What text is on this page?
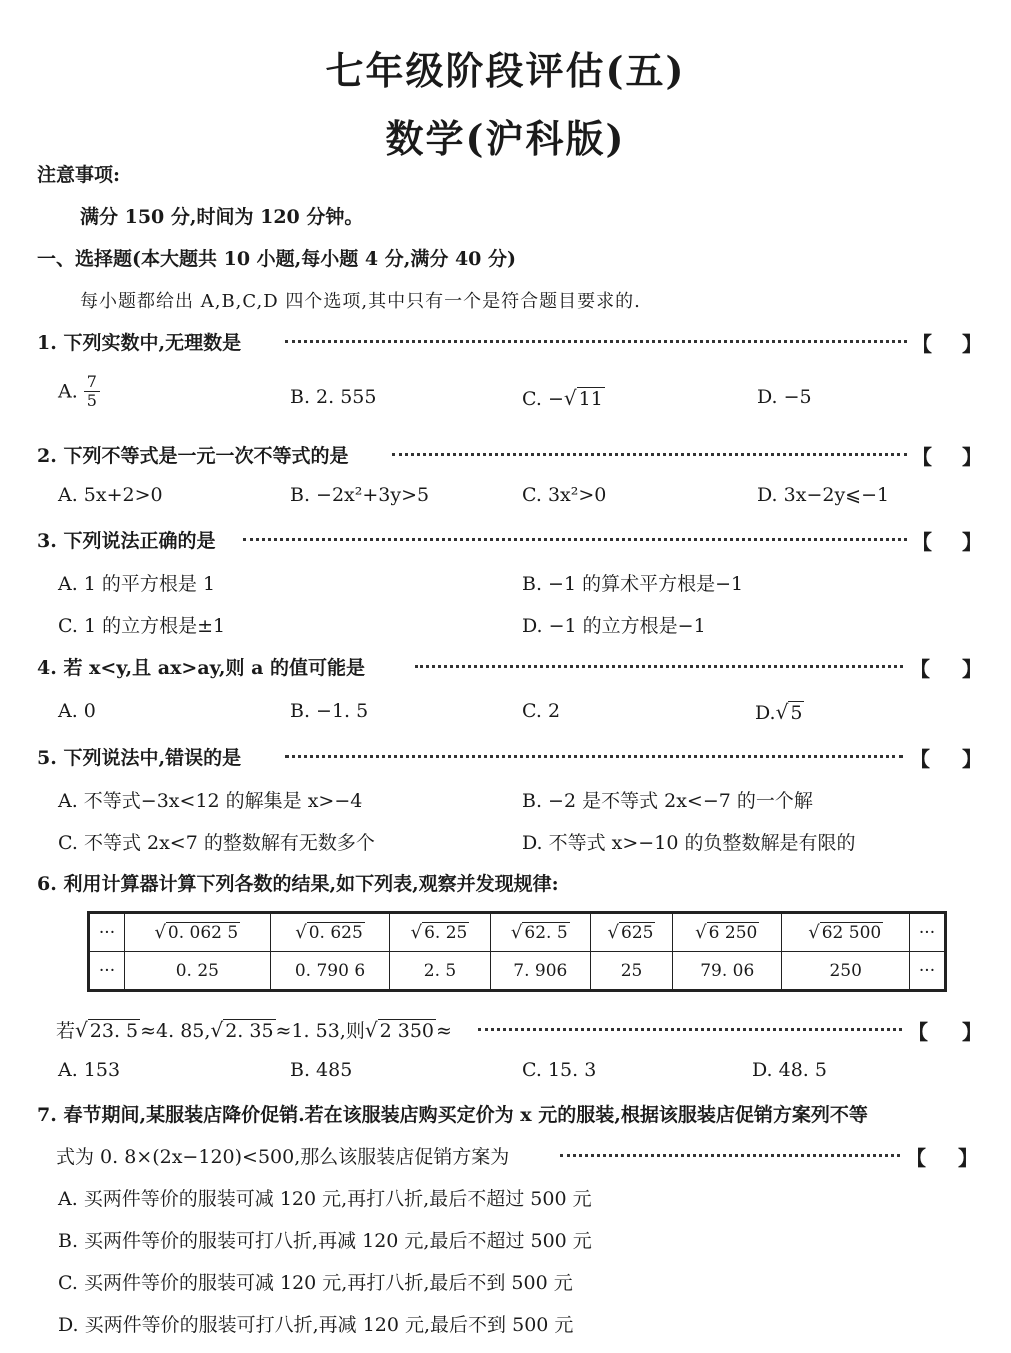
七年级阶段评估(五)
数学(沪科版)
注意事项:
满分 150 分,时间为 120 分钟。
一、选择题(本大题共 10 小题,每小题 4 分,满分 40 分)
每小题都给出 A,B,C,D 四个选项,其中只有一个是符合题目要求的.
1. 下列实数中,无理数是	【 】
A. $\frac{7}{5}$	B. 2. 555	C. −√ 11	D. −5
2. 下列不等式是一元一次不等式的是	【 】
A. 5x+2>0	B. −2x²+3y>5	C. 3x²>0	D. 3x−2y⩽−1
3. 下列说法正确的是	【 】
A. 1 的平方根是 1	B. −1 的算术平方根是−1
C. 1 的立方根是±1	D. −1 的立方根是−1
4. 若 x<y,且 ax>ay,则 a 的值可能是	【 】
A. 0	B. −1. 5	C. 2	D.√ 5
5. 下列说法中,错误的是	【 】
A. 不等式−3x<12 的解集是 x>−4	B. −2 是不等式 2x<−7 的一个解
C. 不等式 2x<7 的整数解有无数多个	D. 不等式 x>−10 的负整数解是有限的
6. 利用计算器计算下列各数的结果,如下列表,观察并发现规律:
···	√ 0. 062 5	√ 0. 625	√ 6. 25	√ 62. 5	√ 625	√ 6 250	√ 62 500	···
···	0. 25	0. 790 6	2. 5	7. 906	25	79. 06	250	···
若√ 23. 5 ≈4. 85,√ 2. 35 ≈1. 53,则√ 2 350 ≈	【 】
A. 153	B. 485	C. 15. 3	D. 48. 5
7. 春节期间,某服装店降价促销.若在该服装店购买定价为 x 元的服装,根据该服装店促销方案列不等
式为 0. 8×(2x−120)<500,那么该服装店促销方案为	【 】
A. 买两件等价的服装可减 120 元,再打八折,最后不超过 500 元
B. 买两件等价的服装可打八折,再减 120 元,最后不超过 500 元
C. 买两件等价的服装可减 120 元,再打八折,最后不到 500 元
D. 买两件等价的服装可打八折,再减 120 元,最后不到 500 元
